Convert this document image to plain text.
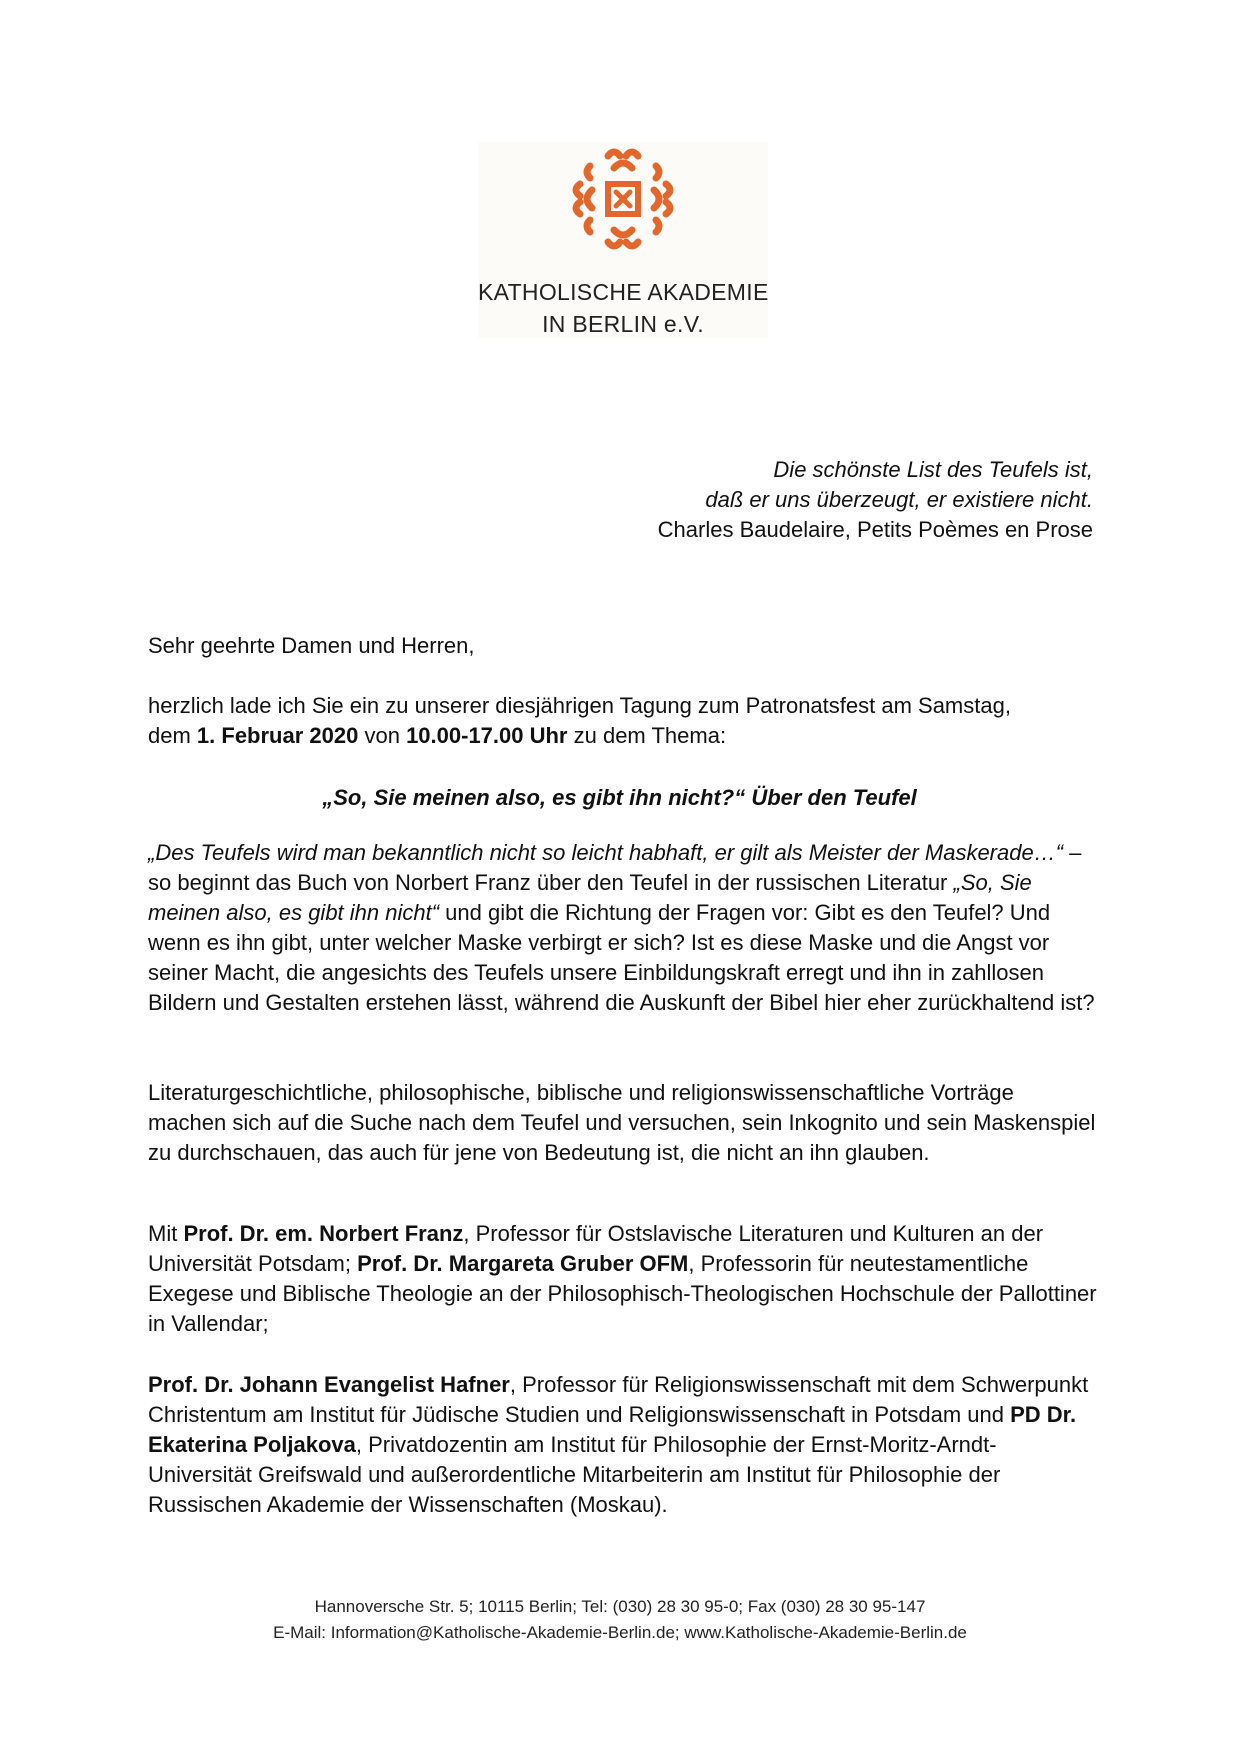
KATHOLISCHE AKADEMIE
IN BERLIN e.V.
Die schönste List des Teufels ist,
daß er uns überzeugt, er existiere nicht.
Charles Baudelaire, Petits Poèmes en Prose
Sehr geehrte Damen und Herren,
herzlich lade ich Sie ein zu unserer diesjährigen Tagung zum Patronatsfest am Samstag,
dem 1. Februar 2020 von 10.00-17.00 Uhr zu dem Thema:
„So, Sie meinen also, es gibt ihn nicht?“ Über den Teufel
„Des Teufels wird man bekanntlich nicht so leicht habhaft, er gilt als Meister der Maskerade…“ – so beginnt das Buch von Norbert Franz über den Teufel in der russischen Literatur „So, Sie meinen also, es gibt ihn nicht“ und gibt die Richtung der Fragen vor: Gibt es den Teufel? Und wenn es ihn gibt, unter welcher Maske verbirgt er sich? Ist es diese Maske und die Angst vor seiner Macht, die angesichts des Teufels unsere Einbildungskraft erregt und ihn in zahllosen Bildern und Gestalten erstehen lässt, während die Auskunft der Bibel hier eher zurückhaltend ist?
Literaturgeschichtliche, philosophische, biblische und religionswissenschaftliche Vorträge machen sich auf die Suche nach dem Teufel und versuchen, sein Inkognito und sein Maskenspiel zu durchschauen, das auch für jene von Bedeutung ist, die nicht an ihn glauben.
Mit Prof. Dr. em. Norbert Franz, Professor für Ostslavische Literaturen und Kulturen an der Universität Potsdam; Prof. Dr. Margareta Gruber OFM, Professorin für neutestamentliche Exegese und Biblische Theologie an der Philosophisch-Theologischen Hochschule der Pallottiner in Vallendar;
Prof. Dr. Johann Evangelist Hafner, Professor für Religionswissenschaft mit dem Schwerpunkt Christentum am Institut für Jüdische Studien und Religionswissenschaft in Potsdam und PD Dr. Ekaterina Poljakova, Privatdozentin am Institut für Philosophie der Ernst-Moritz-Arndt-Universität Greifswald und außerordentliche Mitarbeiterin am Institut für Philosophie der Russischen Akademie der Wissenschaften (Moskau).
Hannoversche Str. 5; 10115 Berlin; Tel: (030) 28 30 95-0; Fax (030) 28 30 95-147
E-Mail: Information@Katholische-Akademie-Berlin.de; www.Katholische-Akademie-Berlin.de
